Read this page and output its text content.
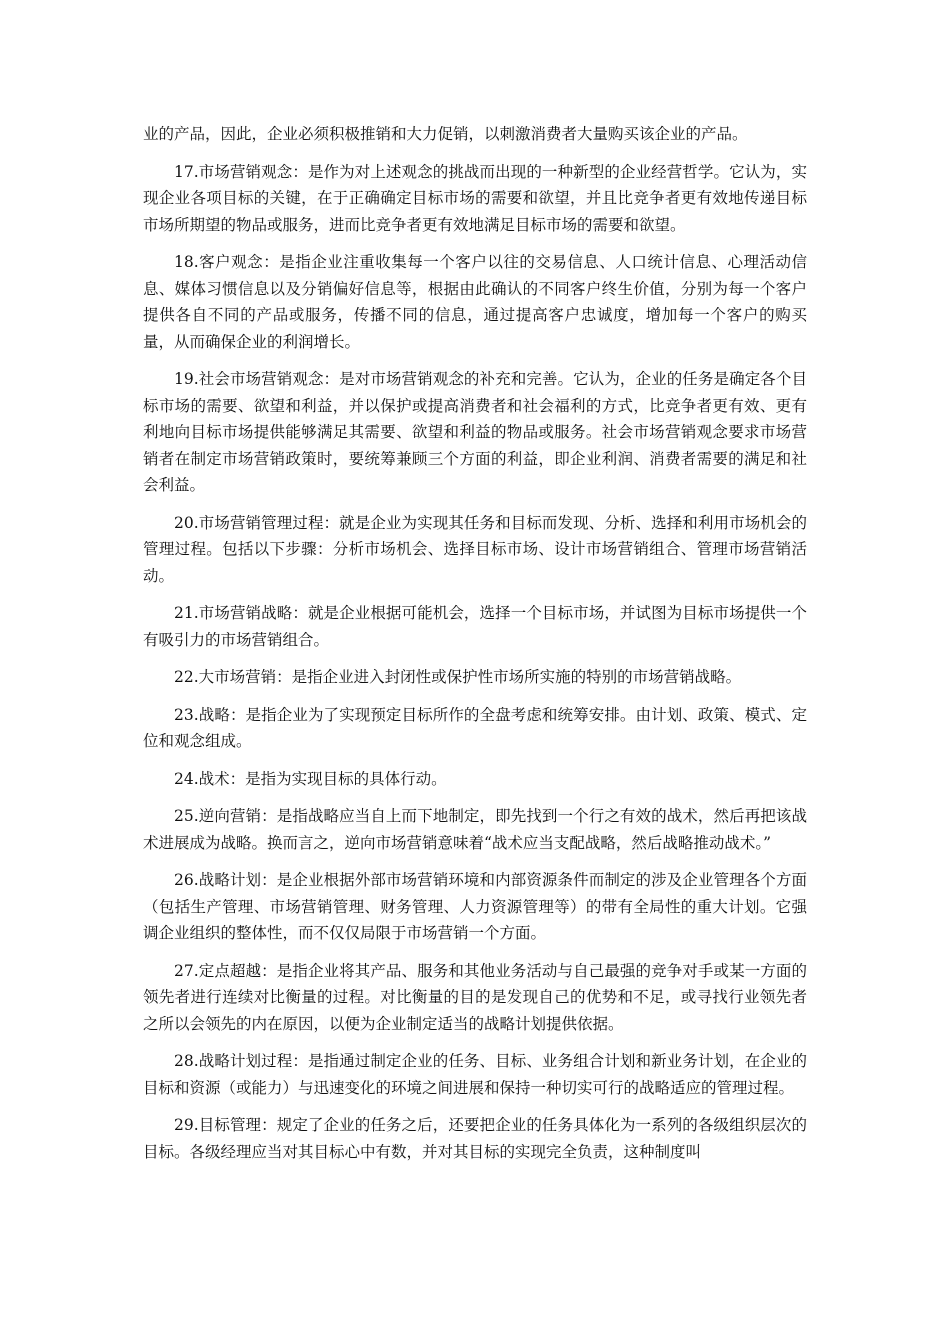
业的产品，因此，企业必须积极推销和大力促销，以刺激消费者大量购买该企业的产品。

17.市场营销观念：是作为对上述观念的挑战而出现的一种新型的企业经营哲学。它认为，实现企业各项目标的关键，在于正确确定目标市场的需要和欲望，并且比竞争者更有效地传递目标市场所期望的物品或服务，进而比竞争者更有效地满足目标市场的需要和欲望。

18.客户观念：是指企业注重收集每一个客户以往的交易信息、人口统计信息、心理活动信息、媒体习惯信息以及分销偏好信息等，根据由此确认的不同客户终生价值，分别为每一个客户提供各自不同的产品或服务，传播不同的信息，通过提高客户忠诚度，增加每一个客户的购买量，从而确保企业的利润增长。

19.社会市场营销观念：是对市场营销观念的补充和完善。它认为，企业的任务是确定各个目标市场的需要、欲望和利益，并以保护或提高消费者和社会福利的方式，比竞争者更有效、更有利地向目标市场提供能够满足其需要、欲望和利益的物品或服务。社会市场营销观念要求市场营销者在制定市场营销政策时，要统筹兼顾三个方面的利益，即企业利润、消费者需要的满足和社会利益。

20.市场营销管理过程：就是企业为实现其任务和目标而发现、分析、选择和利用市场机会的管理过程。包括以下步骤：分析市场机会、选择目标市场、设计市场营销组合、管理市场营销活动。

21.市场营销战略：就是企业根据可能机会，选择一个目标市场，并试图为目标市场提供一个有吸引力的市场营销组合。

22.大市场营销：是指企业进入封闭性或保护性市场所实施的特别的市场营销战略。

23.战略：是指企业为了实现预定目标所作的全盘考虑和统筹安排。由计划、政策、模式、定位和观念组成。

24.战术：是指为实现目标的具体行动。

25.逆向营销：是指战略应当自上而下地制定，即先找到一个行之有效的战术，然后再把该战术进展成为战略。换而言之，逆向市场营销意味着“战术应当支配战略，然后战略推动战术。”

26.战略计划：是企业根据外部市场营销环境和内部资源条件而制定的涉及企业管理各个方面（包括生产管理、市场营销管理、财务管理、人力资源管理等）的带有全局性的重大计划。它强调企业组织的整体性，而不仅仅局限于市场营销一个方面。

27.定点超越：是指企业将其产品、服务和其他业务活动与自己最强的竞争对手或某一方面的领先者进行连续对比衡量的过程。对比衡量的目的是发现自己的优势和不足，或寻找行业领先者之所以会领先的内在原因，以便为企业制定适当的战略计划提供依据。

28.战略计划过程：是指通过制定企业的任务、目标、业务组合计划和新业务计划，在企业的目标和资源（或能力）与迅速变化的环境之间进展和保持一种切实可行的战略适应的管理过程。

29.目标管理：规定了企业的任务之后，还要把企业的任务具体化为一系列的各级组织层次的目标。各级经理应当对其目标心中有数，并对其目标的实现完全负责，这种制度叫
